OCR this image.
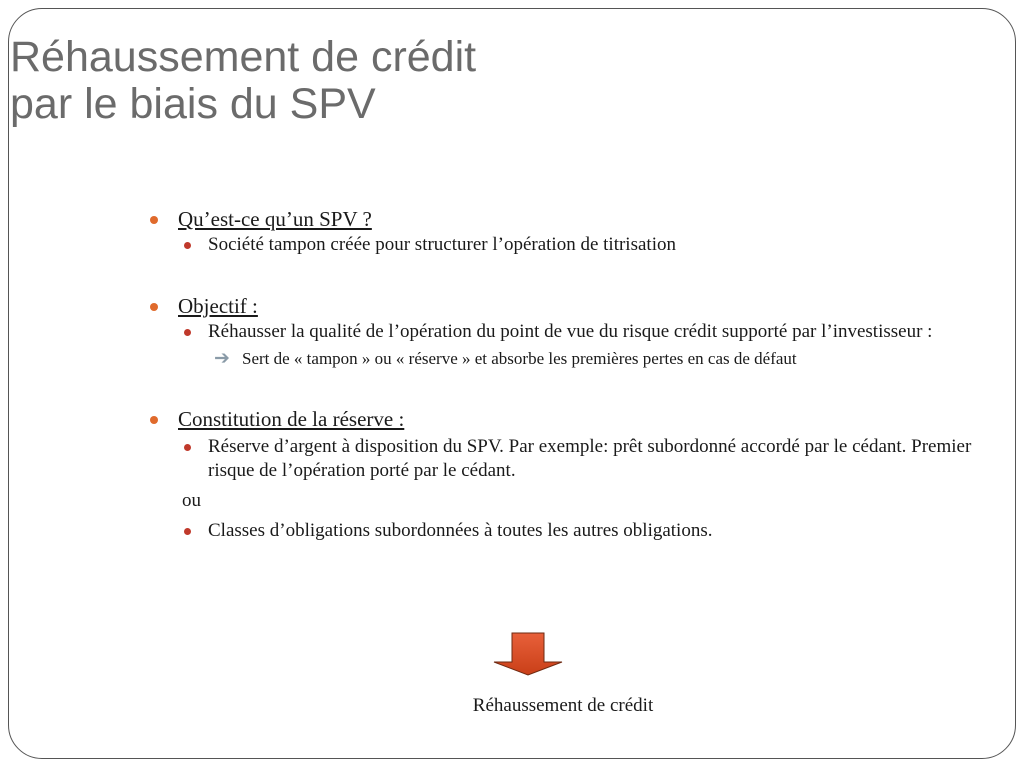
Réhaussement de crédit
par le biais du SPV
Qu’est-ce qu’un SPV ?
Société tampon créée pour structurer l’opération de titrisation
Objectif :
Réhausser la qualité de l’opération du point de vue du risque crédit supporté par l’investisseur :
➔ Sert de « tampon » ou « réserve » et absorbe les premières pertes en cas de défaut
Constitution de la réserve :
Réserve d’argent à disposition du SPV. Par exemple: prêt subordonné accordé par le cédant. Premier risque de l’opération porté par le cédant.
ou
Classes d’obligations subordonnées à toutes les autres obligations.
Réhaussement de crédit
